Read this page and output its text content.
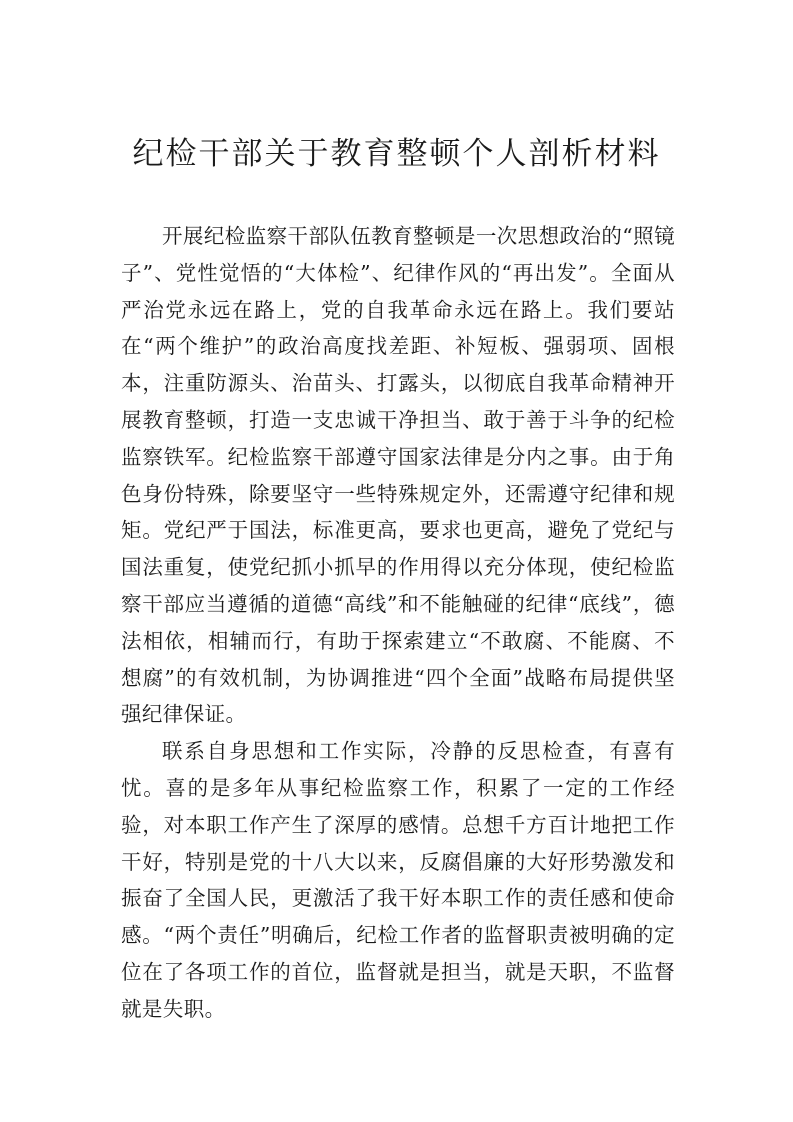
纪检干部关于教育整顿个人剖析材料

开展纪检监察干部队伍教育整顿是一次思想政治的“照镜子”、党性觉悟的“大体检”、纪律作风的“再出发”。全面从严治党永远在路上，党的自我革命永远在路上。我们要站在“两个维护”的政治高度找差距、补短板、强弱项、固根本，注重防源头、治苗头、打露头，以彻底自我革命精神开展教育整顿，打造一支忠诚干净担当、敢于善于斗争的纪检监察铁军。纪检监察干部遵守国家法律是分内之事。由于角色身份特殊，除要坚守一些特殊规定外，还需遵守纪律和规矩。党纪严于国法，标准更高，要求也更高，避免了党纪与国法重复，使党纪抓小抓早的作用得以充分体现，使纪检监察干部应当遵循的道德“高线”和不能触碰的纪律“底线”，德法相依，相辅而行，有助于探索建立“不敢腐、不能腐、不想腐”的有效机制，为协调推进“四个全面”战略布局提供坚强纪律保证。

联系自身思想和工作实际，冷静的反思检查，有喜有忧。喜的是多年从事纪检监察工作，积累了一定的工作经验，对本职工作产生了深厚的感情。总想千方百计地把工作干好，特别是党的十八大以来，反腐倡廉的大好形势激发和振奋了全国人民，更激活了我干好本职工作的责任感和使命感。“两个责任”明确后，纪检工作者的监督职责被明确的定位在了各项工作的首位，监督就是担当，就是天职，不监督就是失职。
